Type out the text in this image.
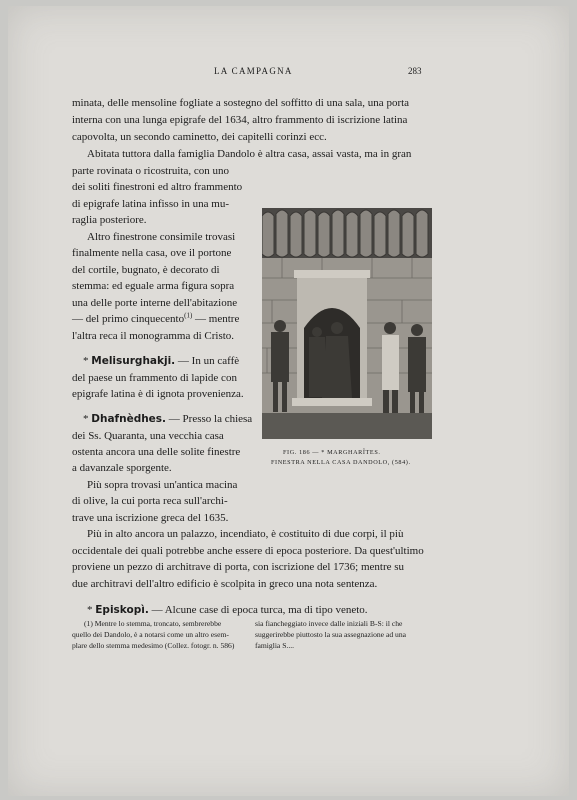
LA CAMPAGNA	283
minata, delle mensoline fogliate a sostegno del soffitto di una sala, una porta
interna con una lunga epigrafe del 1634, altro frammento di iscrizione latina
capovolta, un secondo caminetto, dei capitelli corinzi ecc.
Abitata tuttora dalla famiglia Dandolo è altra casa, assai vasta, ma in gran
parte rovinata o ricostruita, con uno
dei soliti finestroni ed altro frammento
di epigrafe latina infisso in una mu-
raglia posteriore.
Altro finestrone consimile trovasi
finalmente nella casa, ove il portone
del cortile, bugnato, è decorato di
stemma: ed eguale arma figura sopra
una delle porte interne dell'abitazione
— del primo cinquecento$^{(1)}$ — mentre
l'altra reca il monogramma di Cristo.
* Melisurghakji. — In un caffè
del paese un frammento di lapide con
epigrafe latina è di ignota provenienza.
* Dhafnèdhes. — Presso la chiesa
dei Ss. Quaranta, una vecchia casa
ostenta ancora una delle solite finestre
a davanzale sporgente.
Più sopra trovasi un'antica macina
di olive, la cui porta reca sull'archi-
trave una iscrizione greca del 1635.
Più in alto ancora un palazzo, incendiato, è costituito di due corpi, il più
occidentale dei quali potrebbe anche essere di epoca posteriore. Da quest'ultimo
proviene un pezzo di architrave di porta, con iscrizione del 1736; mentre su
due architravi dell'altro edificio è scolpita in greco una nota sentenza.
* Episkopì. — Alcune case di epoca turca, ma di tipo veneto.
FIG. 186 — * MARGHARÎTES.
FINESTRA NELLA CASA DANDOLO, (584).
(1) Mentre lo stemma, troncato, sembrerebbe
quello dei Dandolo, è a notarsi come un altro esem-
plare dello stemma medesimo (Collez. fotogr. n. 586)
sia fiancheggiato invece dalle iniziali B-S: il che
suggerirebbe piuttosto la sua assegnazione ad una
famiglia S....
